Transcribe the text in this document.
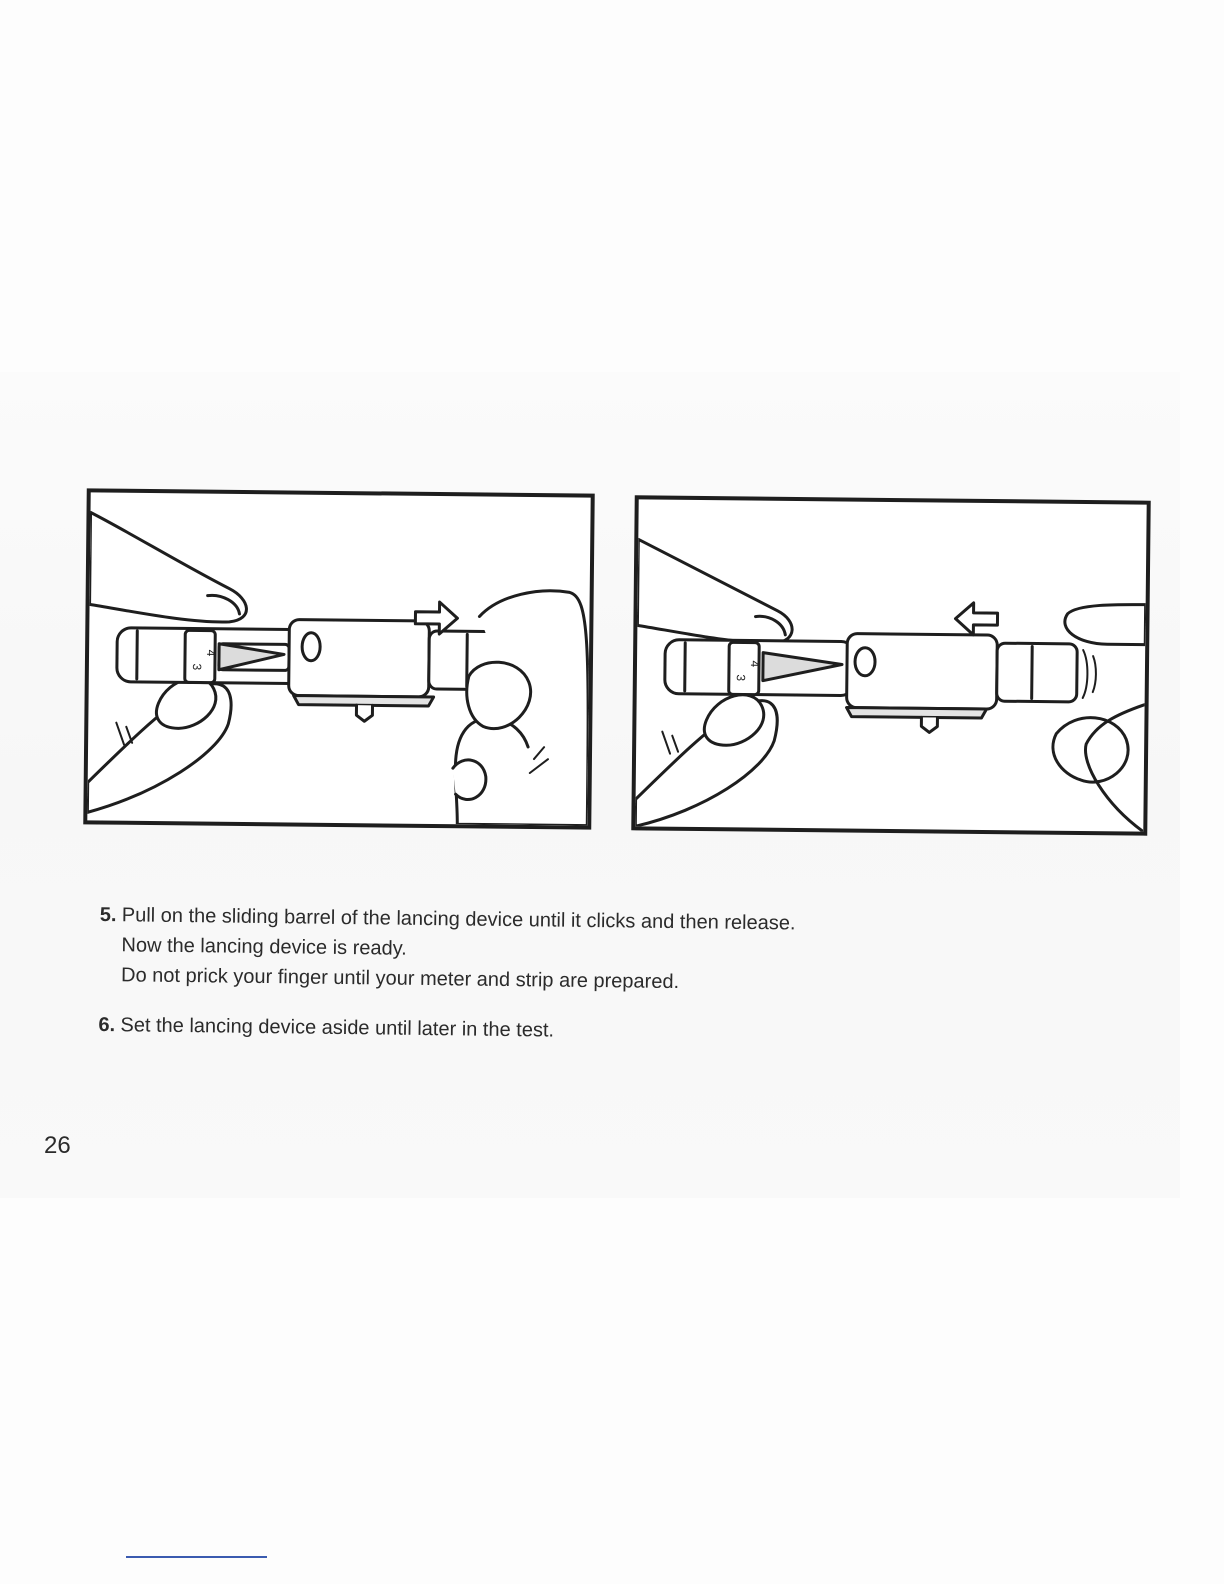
4
3	4
3
5. Pull on the sliding barrel of the lancing device until it clicks and then release.
Now the lancing device is ready.
Do not prick your finger until your meter and strip are prepared.
6. Set the lancing device aside until later in the test.
26
